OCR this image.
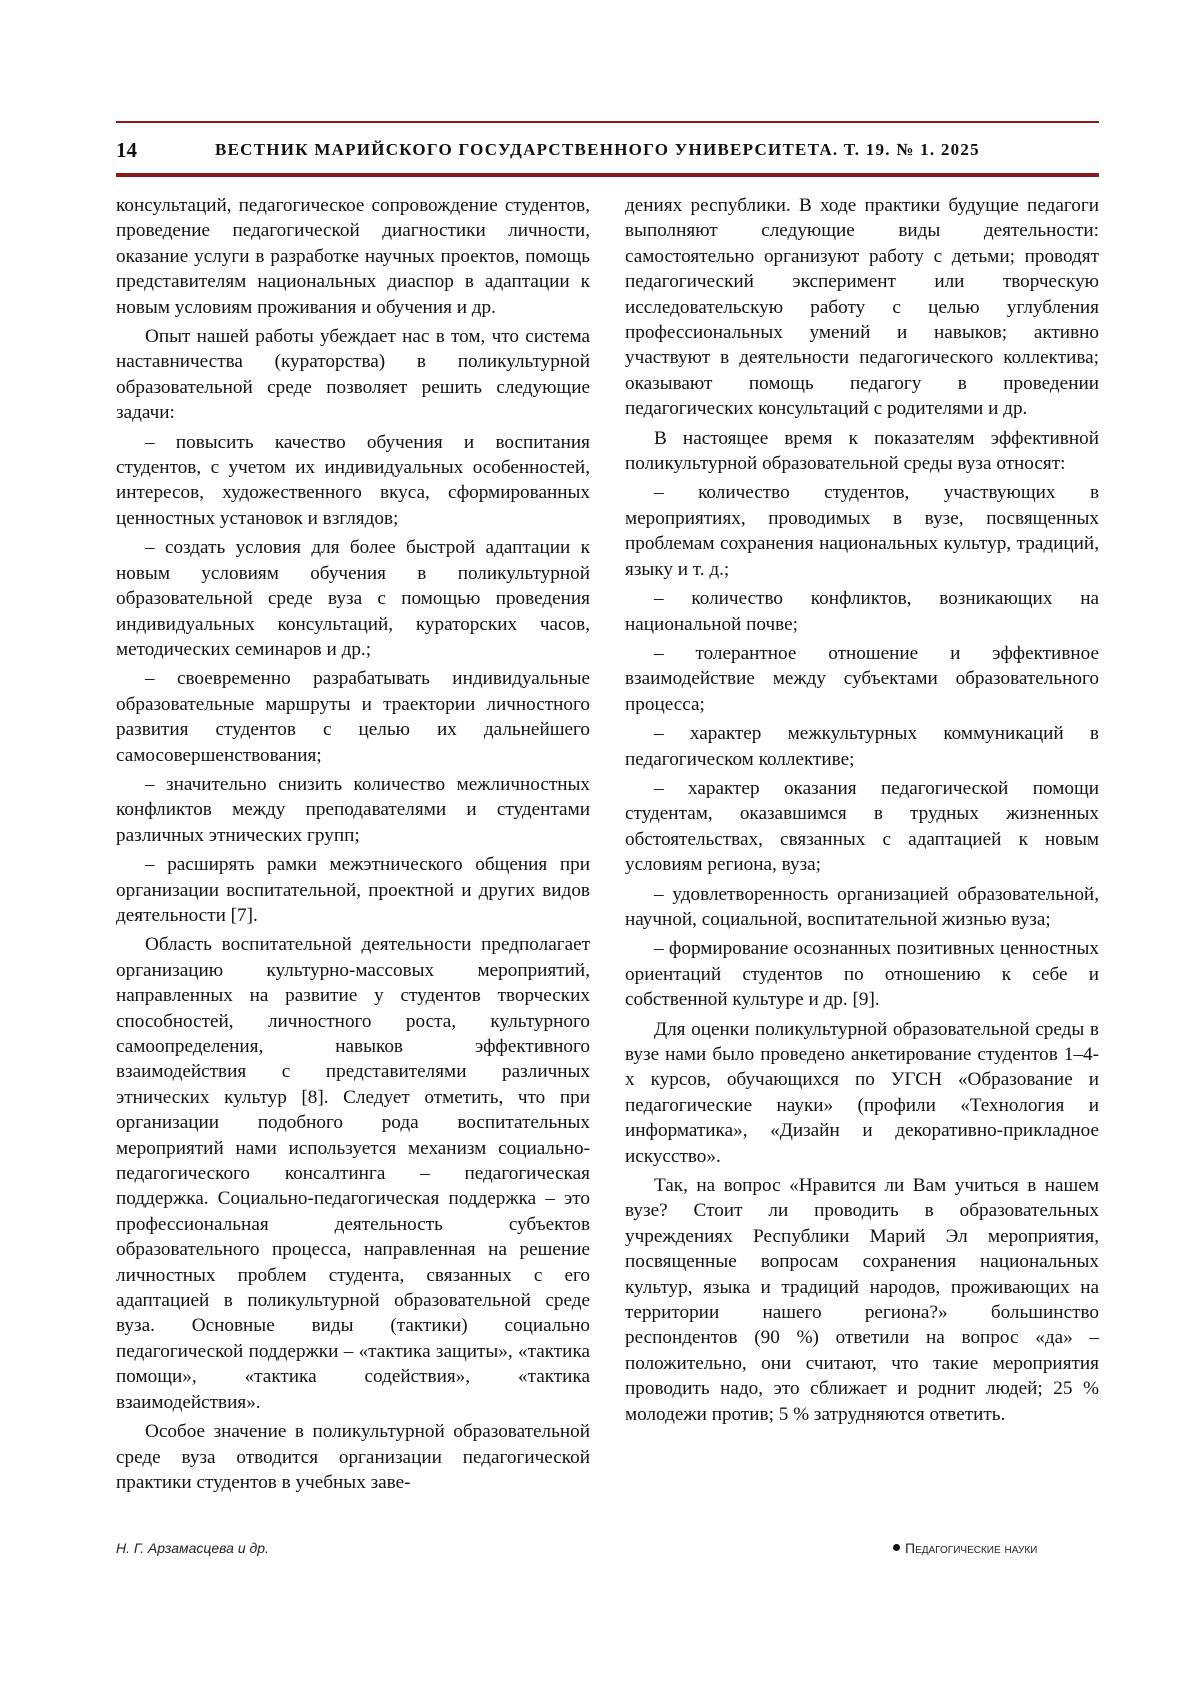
14	ВЕСТНИК МАРИЙСКОГО ГОСУДАРСТВЕННОГО УНИВЕРСИТЕТА. Т. 19. № 1. 2025

консультаций, педагогическое сопровождение студентов, проведение педагогической диагностики личности, оказание услуги в разработке научных проектов, помощь представителям национальных диаспор в адаптации к новым условиям проживания и обучения и др.

Опыт нашей работы убеждает нас в том, что система наставничества (кураторства) в поликультурной образовательной среде позволяет решить следующие задачи:

– повысить качество обучения и воспитания студентов, с учетом их индивидуальных особенностей, интересов, художественного вкуса, сформированных ценностных установок и взглядов;

– создать условия для более быстрой адаптации к новым условиям обучения в поликультурной образовательной среде вуза с помощью проведения индивидуальных консультаций, кураторских часов, методических семинаров и др.;

– своевременно разрабатывать индивидуальные образовательные маршруты и траектории личностного развития студентов с целью их дальнейшего самосовершенствования;

– значительно снизить количество межличностных конфликтов между преподавателями и студентами различных этнических групп;

– расширять рамки межэтнического общения при организации воспитательной, проектной и других видов деятельности [7].

Область воспитательной деятельности предполагает организацию культурно-массовых мероприятий, направленных на развитие у студентов творческих способностей, личностного роста, культурного самоопределения, навыков эффективного взаимодействия с представителями различных этнических культур [8]. Следует отметить, что при организации подобного рода воспитательных мероприятий нами используется механизм социально-педагогического консалтинга – педагогическая поддержка. Социально-педагогическая поддержка – это профессиональная деятельность субъектов образовательного процесса, направленная на решение личностных проблем студента, связанных с его адаптацией в поликультурной образовательной среде вуза. Основные виды (тактики) социально педагогической поддержки – «тактика защиты», «тактика помощи», «тактика содействия», «тактика взаимодействия».

Особое значение в поликультурной образовательной среде вуза отводится организации педагогической практики студентов в учебных заве-

дениях республики. В ходе практики будущие педагоги выполняют следующие виды деятельности: самостоятельно организуют работу с детьми; проводят педагогический эксперимент или творческую исследовательскую работу с целью углубления профессиональных умений и навыков; активно участвуют в деятельности педагогического коллектива; оказывают помощь педагогу в проведении педагогических консультаций с родителями и др.

В настоящее время к показателям эффективной поликультурной образовательной среды вуза относят:

– количество студентов, участвующих в мероприятиях, проводимых в вузе, посвященных проблемам сохранения национальных культур, традиций, языку и т. д.;

– количество конфликтов, возникающих на национальной почве;

– толерантное отношение и эффективное взаимодействие между субъектами образовательного процесса;

– характер межкультурных коммуникаций в педагогическом коллективе;

– характер оказания педагогической помощи студентам, оказавшимся в трудных жизненных обстоятельствах, связанных с адаптацией к новым условиям региона, вуза;

– удовлетворенность организацией образовательной, научной, социальной, воспитательной жизнью вуза;

– формирование осознанных позитивных ценностных ориентаций студентов по отношению к себе и собственной культуре и др. [9].

Для оценки поликультурной образовательной среды в вузе нами было проведено анкетирование студентов 1–4-х курсов, обучающихся по УГСН «Образование и педагогические науки» (профили «Технология и информатика», «Дизайн и декоративно-прикладное искусство».

Так, на вопрос «Нравится ли Вам учиться в нашем вузе? Стоит ли проводить в образовательных учреждениях Республики Марий Эл мероприятия, посвященные вопросам сохранения национальных культур, языка и традиций народов, проживающих на территории нашего региона?» большинство респондентов (90 %) ответили на вопрос «да» – положительно, они считают, что такие мероприятия проводить надо, это сближает и роднит людей; 25 % молодежи против; 5 % затрудняются ответить.

Н. Г. Арзамасцева и др.	Педагогические науки
